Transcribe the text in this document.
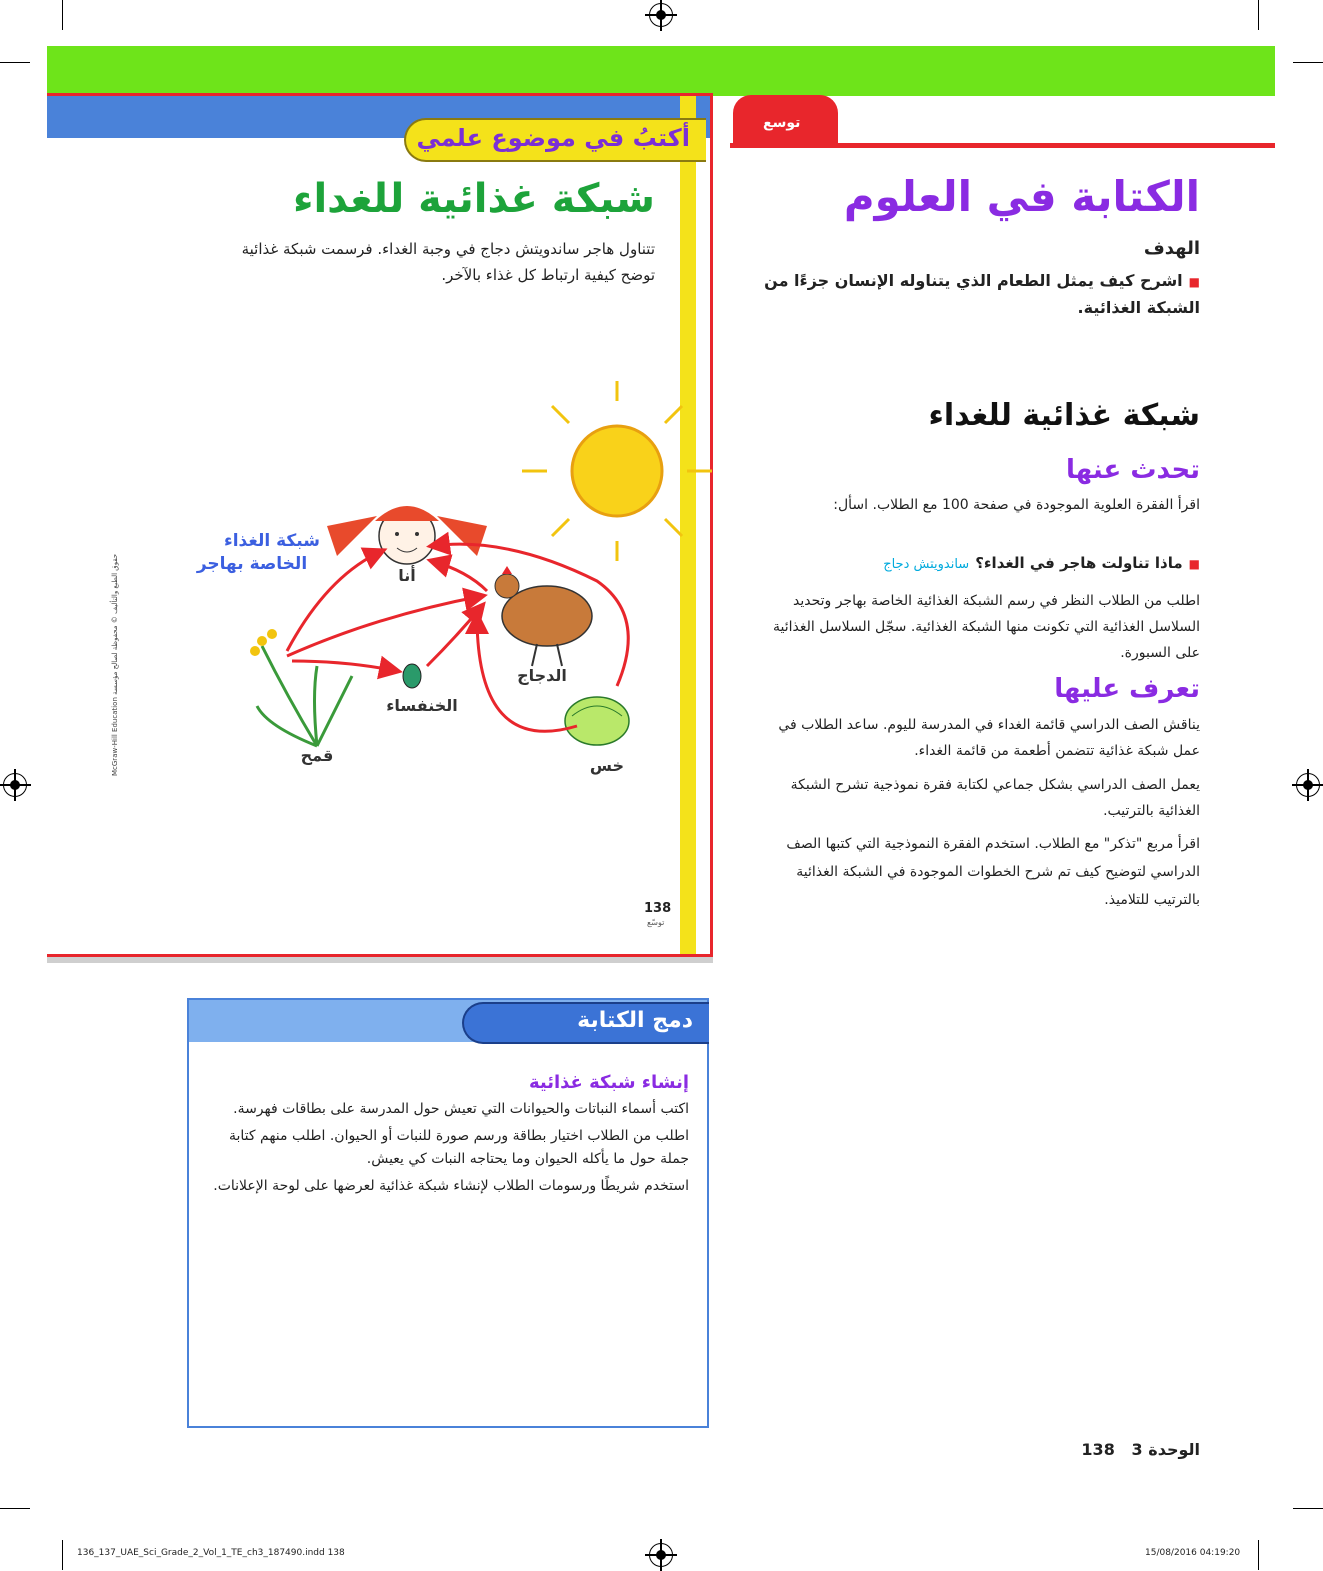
توسع	تقييم	شرح	استكشاف مشاركة
أكتبُ في موضوع علمي
شبكة غذائية للغداء
تتناول هاجر ساندويتش دجاج في وجبة الغداء. فرسمت شبكة غذائية توضح كيفية ارتباط كل غذاء بالآخر.
أنا
الدجاج
الخنفساء
قمح
خس
شبكة الغذاء
الخاصة بهاجر
138
توسّع
McGraw-Hill Education حقوق الطبع والتأليف © محفوظة لصالح مؤسسة
الكتابة في العلوم
الهدف
■اشرح كيف يمثل الطعام الذي يتناوله الإنسان جزءًا من الشبكة الغذائية.
شبكة غذائية للغداء
تحدث عنها
اقرأ الفقرة العلوية الموجودة في صفحة 100 مع الطلاب. اسأل:
■ماذا تناولت هاجر في الغداء؟ساندويتش دجاج
اطلب من الطلاب النظر في رسم الشبكة الغذائية الخاصة بهاجر وتحديد السلاسل الغذائية التي تكونت منها الشبكة الغذائية. سجّل السلاسل الغذائية على السبورة.
تعرف عليها
يناقش الصف الدراسي قائمة الغداء في المدرسة لليوم. ساعد الطلاب في عمل شبكة غذائية تتضمن أطعمة من قائمة الغداء.
يعمل الصف الدراسي بشكل جماعي لكتابة فقرة نموذجية تشرح الشبكة الغذائية بالترتيب.
اقرأ مربع "تذكر" مع الطلاب. استخدم الفقرة النموذجية التي كتبها الصف الدراسي لتوضيح كيف تم شرح الخطوات الموجودة في الشبكة الغذائية بالترتيب للتلاميذ.
دمج الكتابة
إنشاء شبكة غذائية

اكتب أسماء النباتات والحيوانات التي تعيش حول المدرسة على بطاقات فهرسة.

اطلب من الطلاب اختيار بطاقة ورسم صورة للنبات أو الحيوان. اطلب منهم كتابة جملة حول ما يأكله الحيوان وما يحتاجه النبات كي يعيش.

استخدم شريطًا ورسومات الطلاب لإنشاء شبكة غذائية لعرضها على لوحة الإعلانات.

الوحدة 3   138
136_137_UAE_Sci_Grade_2_Vol_1_TE_ch3_187490.indd 138	15/08/2016 04:19:20
